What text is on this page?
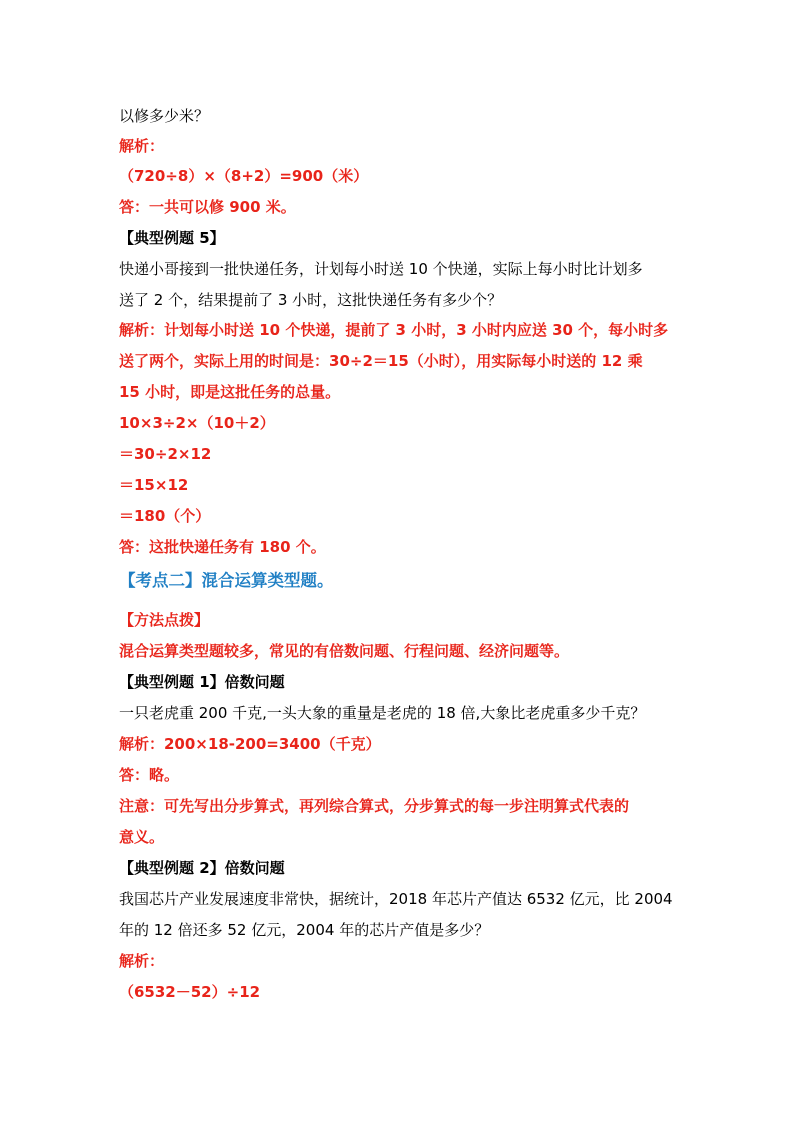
以修多少米？
解析：
（720÷8）×（8+2）=900（米）
答：一共可以修 900 米。
【典型例题 5】
快递小哥接到一批快递任务，计划每小时送 10 个快递，实际上每小时比计划多
送了 2 个，结果提前了 3 小时，这批快递任务有多少个？
解析：计划每小时送 10 个快递，提前了 3 小时，3 小时内应送 30 个，每小时多
送了两个，实际上用的时间是：30÷2＝15（小时），用实际每小时送的 12 乘
15 小时，即是这批任务的总量。
10×3÷2×（10＋2）
＝30÷2×12
＝15×12
＝180（个）
答：这批快递任务有 180 个。
【考点二】混合运算类型题。
【方法点拨】
混合运算类型题较多，常见的有倍数问题、行程问题、经济问题等。
【典型例题 1】倍数问题
一只老虎重 200 千克,一头大象的重量是老虎的 18 倍,大象比老虎重多少千克？
解析：200×18-200=3400（千克）
答：略。
注意：可先写出分步算式，再列综合算式，分步算式的每一步注明算式代表的
意义。
【典型例题 2】倍数问题
我国芯片产业发展速度非常快，据统计，2018 年芯片产值达 6532 亿元，比 2004
年的 12 倍还多 52 亿元，2004 年的芯片产值是多少？
解析：
（6532－52）÷12
